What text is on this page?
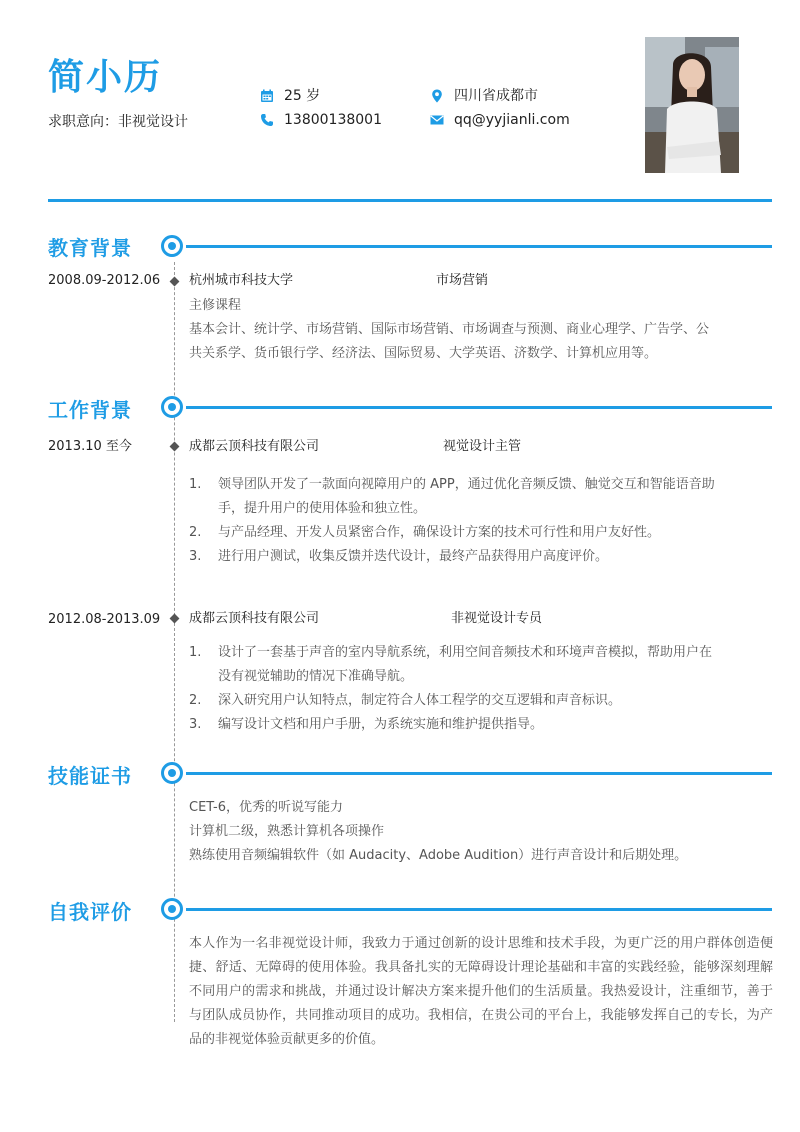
简小历
求职意向：非视觉设计
25 岁
13800138001
四川省成都市
qq@yyjianli.com
教育背景
2008.09-2012.06 杭州城市科技大学	市场营销
主修课程
基本会计、统计学、市场营销、国际市场营销、市场调查与预测、商业心理学、广告学、公
共关系学、货币银行学、经济法、国际贸易、大学英语、济数学、计算机应用等。
工作背景
2013.10 至今	成都云顶科技有限公司	视觉设计主管
1. 领导团队开发了一款面向视障用户的 APP，通过优化音频反馈、触觉交互和智能语音助
手，提升用户的使用体验和独立性。
2. 与产品经理、开发人员紧密合作，确保设计方案的技术可行性和用户友好性。
3. 进行用户测试，收集反馈并迭代设计，最终产品获得用户高度评价。
2012.08-2013.09 成都云顶科技有限公司	非视觉设计专员
1. 设计了一套基于声音的室内导航系统，利用空间音频技术和环境声音模拟，帮助用户在
没有视觉辅助的情况下准确导航。
2. 深入研究用户认知特点，制定符合人体工程学的交互逻辑和声音标识。
3. 编写设计文档和用户手册，为系统实施和维护提供指导。
技能证书
CET-6，优秀的听说写能力
计算机二级，熟悉计算机各项操作
熟练使用音频编辑软件（如 Audacity、Adobe Audition）进行声音设计和后期处理。
自我评价
本人作为一名非视觉设计师，我致力于通过创新的设计思维和技术手段，为更广泛的用户群体创造便捷、舒适、无障碍的使用体验。我具备扎实的无障碍设计理论基础和丰富的实践经验，能够深刻理解不同用户的需求和挑战，并通过设计解决方案来提升他们的生活质量。我热爱设计，注重细节，善于与团队成员协作，共同推动项目的成功。我相信，在贵公司的平台上，我能够发挥自己的专长，为产品的非视觉体验贡献更多的价值。
